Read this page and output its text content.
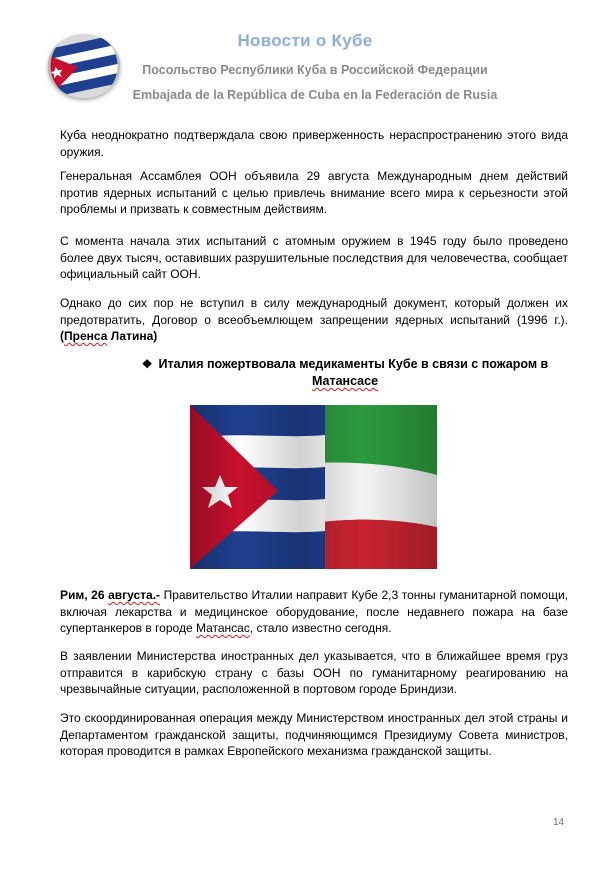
Новости о Кубе
Посольство Республики Куба в Российской Федерации
Embajada de la República de Cuba en la Federación de Rusia

Куба неоднократно подтверждала свою приверженность нераспространению этого вида оружия.

Генеральная Ассамблея ООН объявила 29 августа Международным днем действий против ядерных испытаний с целью привлечь внимание всего мира к серьезности этой проблемы и призвать к совместным действиям.

С момента начала этих испытаний с атомным оружием в 1945 году было проведено более двух тысяч, оставивших разрушительные последствия для человечества, сообщает официальный сайт ООН.

Однако до сих пор не вступил в силу международный документ, который должен их предотвратить, Договор о всеобъемлющем запрещении ядерных испытаний (1996 г.). (Пренса Латина)

❖ Италия пожертвовала медикаменты Кубе в связи с пожаром в Матансасе

Рим, 26 августа.- Правительство Италии направит Кубе 2,3 тонны гуманитарной помощи, включая лекарства и медицинское оборудование, после недавнего пожара на базе супертанкеров в городе Матансас, стало известно сегодня.

В заявлении Министерства иностранных дел указывается, что в ближайшее время груз отправится в карибскую страну с базы ООН по гуманитарному реагированию на чрезвычайные ситуации, расположенной в портовом городе Бриндизи.

Это скоординированная операция между Министерством иностранных дел этой страны и Департаментом гражданской защиты, подчиняющимся Президиуму Совета министров, которая проводится в рамках Европейского механизма гражданской защиты.

14
